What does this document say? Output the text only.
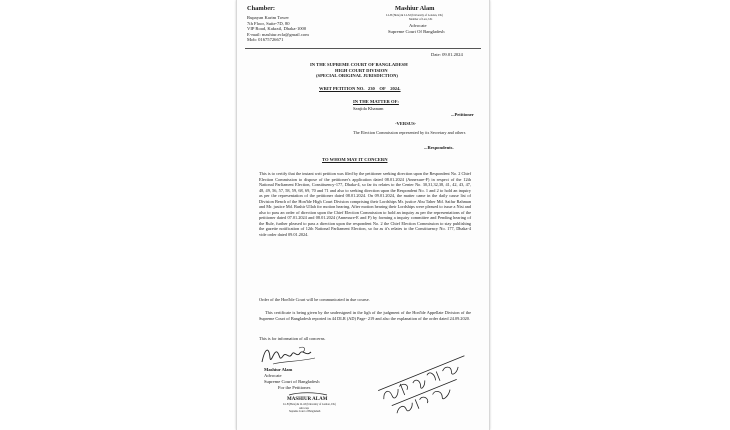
Chamber:
Rupayan Karim Tower
7th Floor, Suite-7D, 80
VIP Road, Kakrail, Dhaka-1000
E-mail: mashiur.ecla@gmail.com
Mob: 01675726671
Mashiur Alam
LL.B (Hons) & LL.M (University of London, UK)
Member of Law, UK
Advocate
Supreme Court Of Bangladesh
Date: 09.01.2024
IN THE SUPREME COURT OF BANGLADESH
HIGH COURT DIVISION
(SPECIAL ORIGINAL JURISDICTION)
WRIT PETITION NO.   230    OF    2024.
IN THE MATTER OF:
Sanjida Khanam
...Petitioner
-VERSUS-
The Election Commission represented by its Secretary and others
...Respondents.
TO WHOM MAY IT CONCERN
This is to certify that the instant writ petition was filed by the petitioner seeking direction upon the Respondent No. 2 Chief Election Commission to dispose of the petitioner's application dated 08.01.2024 (Annexure-F) in respect of the 12th National Parliament Election, Constituency-177, Dhaka-4, so far its relates to the Center No. 30,31,32,38, 41, 42, 43, 47, 48, 49, 56, 57, 58, 59, 68, 69, 70 and 71 and also to seeking direction upon the Respondent No. 1 and 2 to hold an inquiry as per the representation of the petitioner dated 08.01.2024. On 09.01.2024, the matter came in the daily cause list of Division Bench of the Hon'ble High Court Division comprising their Lordships Mr. justice Abu Taher Md. Saifur Rahman and Mr. justice Md. Bashir Ullah for motion hearing. After motion hearing their Lordships were pleased to issue a Nisi and also to pass an order of direction upon the Chief Election Commission to hold an inquiry as per the representations of the petitioner dated 07.01.2024 and 08.01.2024 (Annexure-E and F) by forming a inquiry committee and Pending hearing of the Rule, further pleased to pass a direction upon the respondent No. 2 the Chief Election Commission to stay publishing the gazette notification of 12th National Parliament Election, so far as it's relates to the Constituency No. 177, Dhaka-4 vide order dated 09.01.2024.
Order of the Hon'ble Court will be communicated in due course.
This certificate is being given by the undersigned in the ligh of the judgment of the Hon'ble Appellate Division of the Supreme Court of Bangladesh reported in 44 DLR (AD) Page- 219 and also the explanation of the order dated 24.09.2020.
This is for information of all concerns.
Mashiur Alam
Advocate
Supreme Court of Bangladesh
For the Petitioner.
MASHIUR ALAM
LL.B (Hons) & LL.M (University of London, UK)
Advocate
Supreme Court of Bangladesh
